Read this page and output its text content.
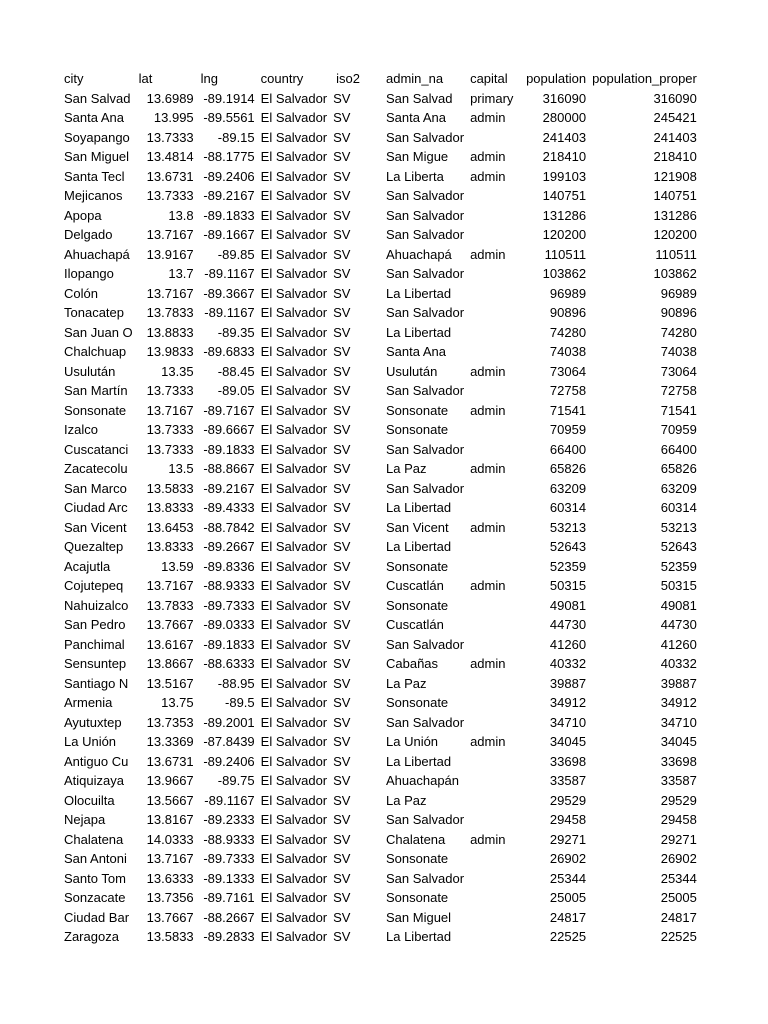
city	lat	lng	country	iso2		admin_na	capital	population	population_proper
San Salvad	13.6989	-89.1914	El Salvador	SV		San Salvad	primary	316090	316090
Santa Ana	13.995	-89.5561	El Salvador	SV		Santa Ana	admin	280000	245421
Soyapango	13.7333	-89.15	El Salvador	SV		San Salvador		241403	241403
San Miguel	13.4814	-88.1775	El Salvador	SV		San Migue	admin	218410	218410
Santa Tecl	13.6731	-89.2406	El Salvador	SV		La Liberta	admin	199103	121908
Mejicanos	13.7333	-89.2167	El Salvador	SV		San Salvador		140751	140751
Apopa	13.8	-89.1833	El Salvador	SV		San Salvador		131286	131286
Delgado	13.7167	-89.1667	El Salvador	SV		San Salvador		120200	120200
Ahuachapá	13.9167	-89.85	El Salvador	SV		Ahuachapá	admin	110511	110511
Ilopango	13.7	-89.1167	El Salvador	SV		San Salvador		103862	103862
Colón	13.7167	-89.3667	El Salvador	SV		La Libertad		96989	96989
Tonacatep	13.7833	-89.1167	El Salvador	SV		San Salvador		90896	90896
San Juan O	13.8833	-89.35	El Salvador	SV		La Libertad		74280	74280
Chalchuap	13.9833	-89.6833	El Salvador	SV		Santa Ana		74038	74038
Usulután	13.35	-88.45	El Salvador	SV		Usulután	admin	73064	73064
San Martín	13.7333	-89.05	El Salvador	SV		San Salvador		72758	72758
Sonsonate	13.7167	-89.7167	El Salvador	SV		Sonsonate	admin	71541	71541
Izalco	13.7333	-89.6667	El Salvador	SV		Sonsonate		70959	70959
Cuscatanci	13.7333	-89.1833	El Salvador	SV		San Salvador		66400	66400
Zacatecolu	13.5	-88.8667	El Salvador	SV		La Paz	admin	65826	65826
San Marco	13.5833	-89.2167	El Salvador	SV		San Salvador		63209	63209
Ciudad Arc	13.8333	-89.4333	El Salvador	SV		La Libertad		60314	60314
San Vicent	13.6453	-88.7842	El Salvador	SV		San Vicent	admin	53213	53213
Quezaltep	13.8333	-89.2667	El Salvador	SV		La Libertad		52643	52643
Acajutla	13.59	-89.8336	El Salvador	SV		Sonsonate		52359	52359
Cojutepeq	13.7167	-88.9333	El Salvador	SV		Cuscatlán	admin	50315	50315
Nahuizalco	13.7833	-89.7333	El Salvador	SV		Sonsonate		49081	49081
San Pedro	13.7667	-89.0333	El Salvador	SV		Cuscatlán		44730	44730
Panchimal	13.6167	-89.1833	El Salvador	SV		San Salvador		41260	41260
Sensuntep	13.8667	-88.6333	El Salvador	SV		Cabañas	admin	40332	40332
Santiago N	13.5167	-88.95	El Salvador	SV		La Paz		39887	39887
Armenia	13.75	-89.5	El Salvador	SV		Sonsonate		34912	34912
Ayutuxtep	13.7353	-89.2001	El Salvador	SV		San Salvador		34710	34710
La Unión	13.3369	-87.8439	El Salvador	SV		La Unión	admin	34045	34045
Antiguo Cu	13.6731	-89.2406	El Salvador	SV		La Libertad		33698	33698
Atiquizaya	13.9667	-89.75	El Salvador	SV		Ahuachapán		33587	33587
Olocuilta	13.5667	-89.1167	El Salvador	SV		La Paz		29529	29529
Nejapa	13.8167	-89.2333	El Salvador	SV		San Salvador		29458	29458
Chalatena	14.0333	-88.9333	El Salvador	SV		Chalatena	admin	29271	29271
San Antoni	13.7167	-89.7333	El Salvador	SV		Sonsonate		26902	26902
Santo Tom	13.6333	-89.1333	El Salvador	SV		San Salvador		25344	25344
Sonzacate	13.7356	-89.7161	El Salvador	SV		Sonsonate		25005	25005
Ciudad Bar	13.7667	-88.2667	El Salvador	SV		San Miguel		24817	24817
Zaragoza	13.5833	-89.2833	El Salvador	SV		La Libertad		22525	22525
